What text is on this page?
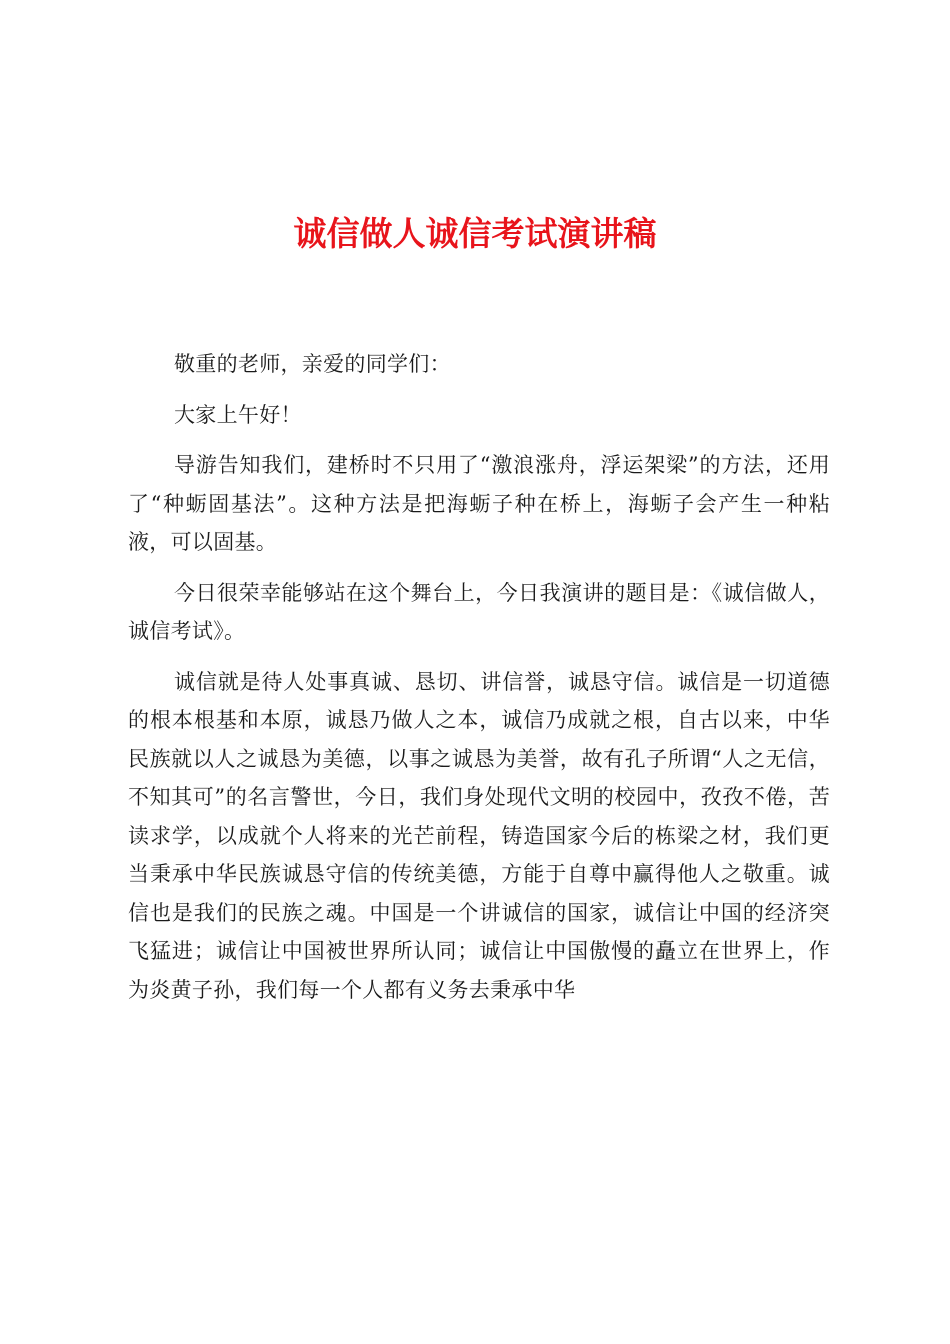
诚信做人诚信考试演讲稿

敬重的老师，亲爱的同学们：

大家上午好！

导游告知我们，建桥时不只用了“激浪涨舟，浮运架梁”的方法，还用了“种蛎固基法”。这种方法是把海蛎子种在桥上，海蛎子会产生一种粘液，可以固基。

今日很荣幸能够站在这个舞台上，今日我演讲的题目是：《诚信做人，诚信考试》。

诚信就是待人处事真诚、恳切、讲信誉，诚恳守信。诚信是一切道德的根本根基和本原，诚恳乃做人之本，诚信乃成就之根，自古以来，中华民族就以人之诚恳为美德，以事之诚恳为美誉，故有孔子所谓“人之无信，不知其可”的名言警世，今日，我们身处现代文明的校园中，孜孜不倦，苦读求学，以成就个人将来的光芒前程，铸造国家今后的栋梁之材，我们更当秉承中华民族诚恳守信的传统美德，方能于自尊中赢得他人之敬重。诚信也是我们的民族之魂。中国是一个讲诚信的国家，诚信让中国的经济突飞猛进；诚信让中国被世界所认同；诚信让中国傲慢的矗立在世界上，作为炎黄子孙，我们每一个人都有义务去秉承中华
